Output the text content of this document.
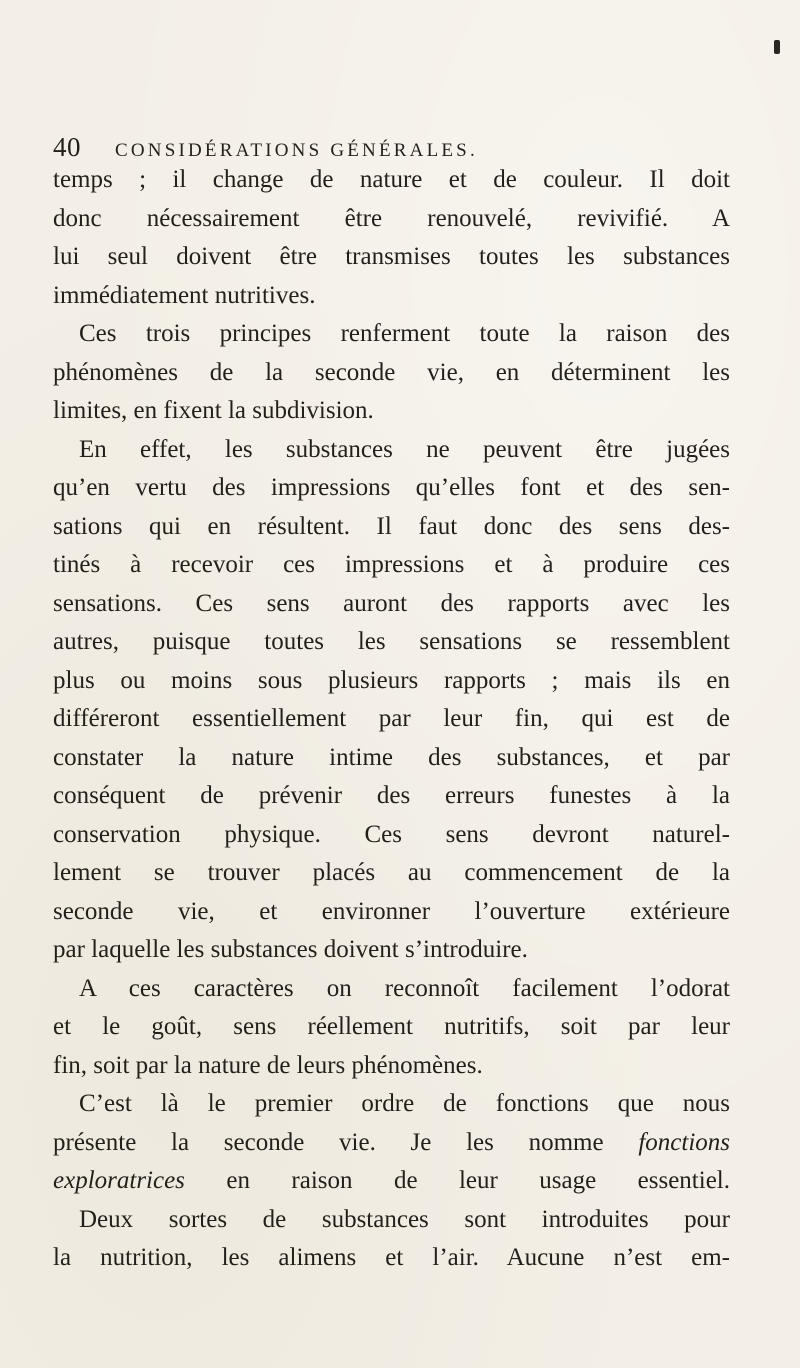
40 CONSIDÉRATIONS GÉNÉRALES.
temps ; il change de nature et de couleur. Il doit
donc nécessairement être renouvelé, revivifié. A
lui seul doivent être transmises toutes les substances
immédiatement nutritives.
Ces trois principes renferment toute la raison des
phénomènes de la seconde vie, en déterminent les
limites, en fixent la subdivision.
En effet, les substances ne peuvent être jugées
qu’en vertu des impressions qu’elles font et des sen-
sations qui en résultent. Il faut donc des sens des-
tinés à recevoir ces impressions et à produire ces
sensations. Ces sens auront des rapports avec les
autres, puisque toutes les sensations se ressemblent
plus ou moins sous plusieurs rapports ; mais ils en
différeront essentiellement par leur fin, qui est de
constater la nature intime des substances, et par
conséquent de prévenir des erreurs funestes à la
conservation physique. Ces sens devront naturel-
lement se trouver placés au commencement de la
seconde vie, et environner l’ouverture extérieure
par laquelle les substances doivent s’introduire.
A ces caractères on reconnoît facilement l’odorat
et le goût, sens réellement nutritifs, soit par leur
fin, soit par la nature de leurs phénomènes.
C’est là le premier ordre de fonctions que nous
présente la seconde vie. Je les nomme fonctions
exploratrices en raison de leur usage essentiel.
Deux sortes de substances sont introduites pour
la nutrition, les alimens et l’air. Aucune n’est em-
